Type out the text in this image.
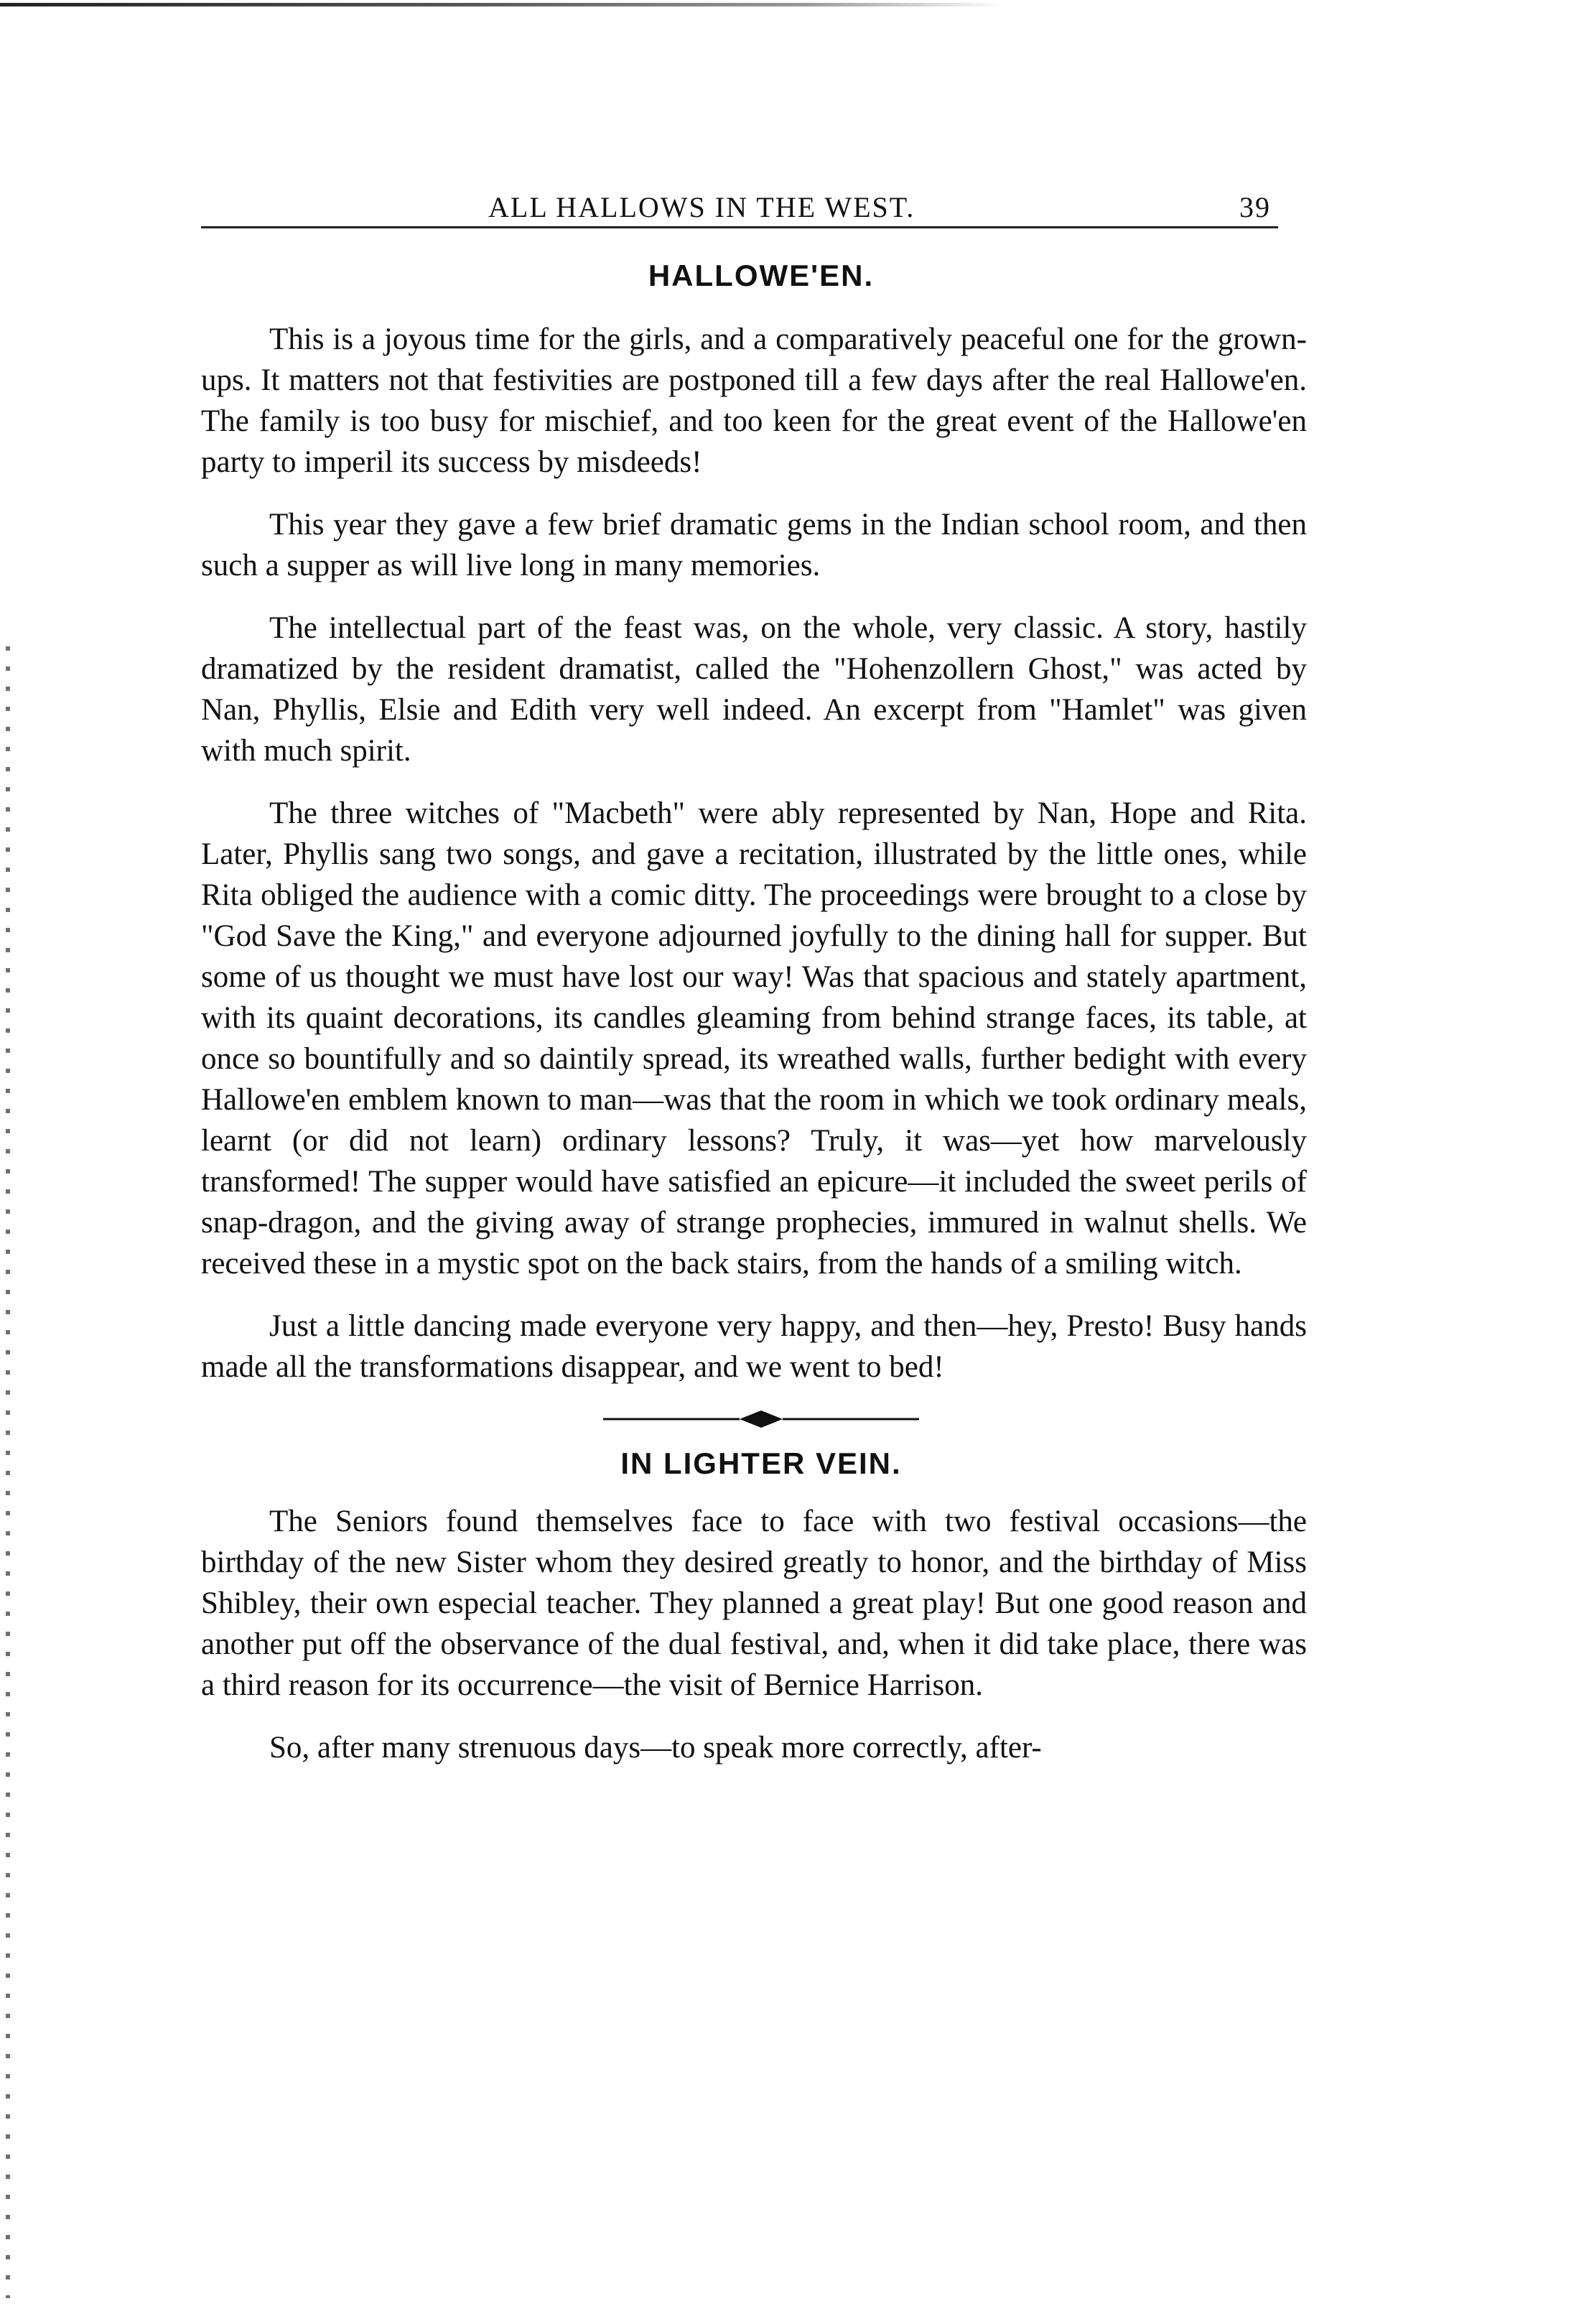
ALL HALLOWS IN THE WEST.	39
HALLOWE'EN.

This is a joyous time for the girls, and a comparatively peaceful one for the grown-ups. It matters not that festivities are postponed till a few days after the real Hallowe'en. The family is too busy for mischief, and too keen for the great event of the Hallowe'en party to imperil its success by misdeeds!

This year they gave a few brief dramatic gems in the Indian school room, and then such a supper as will live long in many memories.

The intellectual part of the feast was, on the whole, very classic. A story, hastily dramatized by the resident dramatist, called the "Hohenzollern Ghost," was acted by Nan, Phyllis, Elsie and Edith very well indeed. An excerpt from "Hamlet" was given with much spirit.

The three witches of "Macbeth" were ably represented by Nan, Hope and Rita. Later, Phyllis sang two songs, and gave a recitation, illustrated by the little ones, while Rita obliged the audience with a comic ditty. The proceedings were brought to a close by "God Save the King," and everyone adjourned joyfully to the dining hall for supper. But some of us thought we must have lost our way! Was that spacious and stately apartment, with its quaint decorations, its candles gleaming from behind strange faces, its table, at once so bountifully and so daintily spread, its wreathed walls, further bedight with every Hallowe'en emblem known to man—was that the room in which we took ordinary meals, learnt (or did not learn) ordinary lessons? Truly, it was—yet how marvelously transformed! The supper would have satisfied an epicure—it included the sweet perils of snap-dragon, and the giving away of strange prophecies, immured in walnut shells. We received these in a mystic spot on the back stairs, from the hands of a smiling witch.

Just a little dancing made everyone very happy, and then—hey, Presto! Busy hands made all the transformations disappear, and we went to bed!

IN LIGHTER VEIN.

The Seniors found themselves face to face with two festival occasions—the birthday of the new Sister whom they desired greatly to honor, and the birthday of Miss Shibley, their own especial teacher. They planned a great play! But one good reason and another put off the observance of the dual festival, and, when it did take place, there was a third reason for its occurrence—the visit of Bernice Harrison.

So, after many strenuous days—to speak more correctly, after-
